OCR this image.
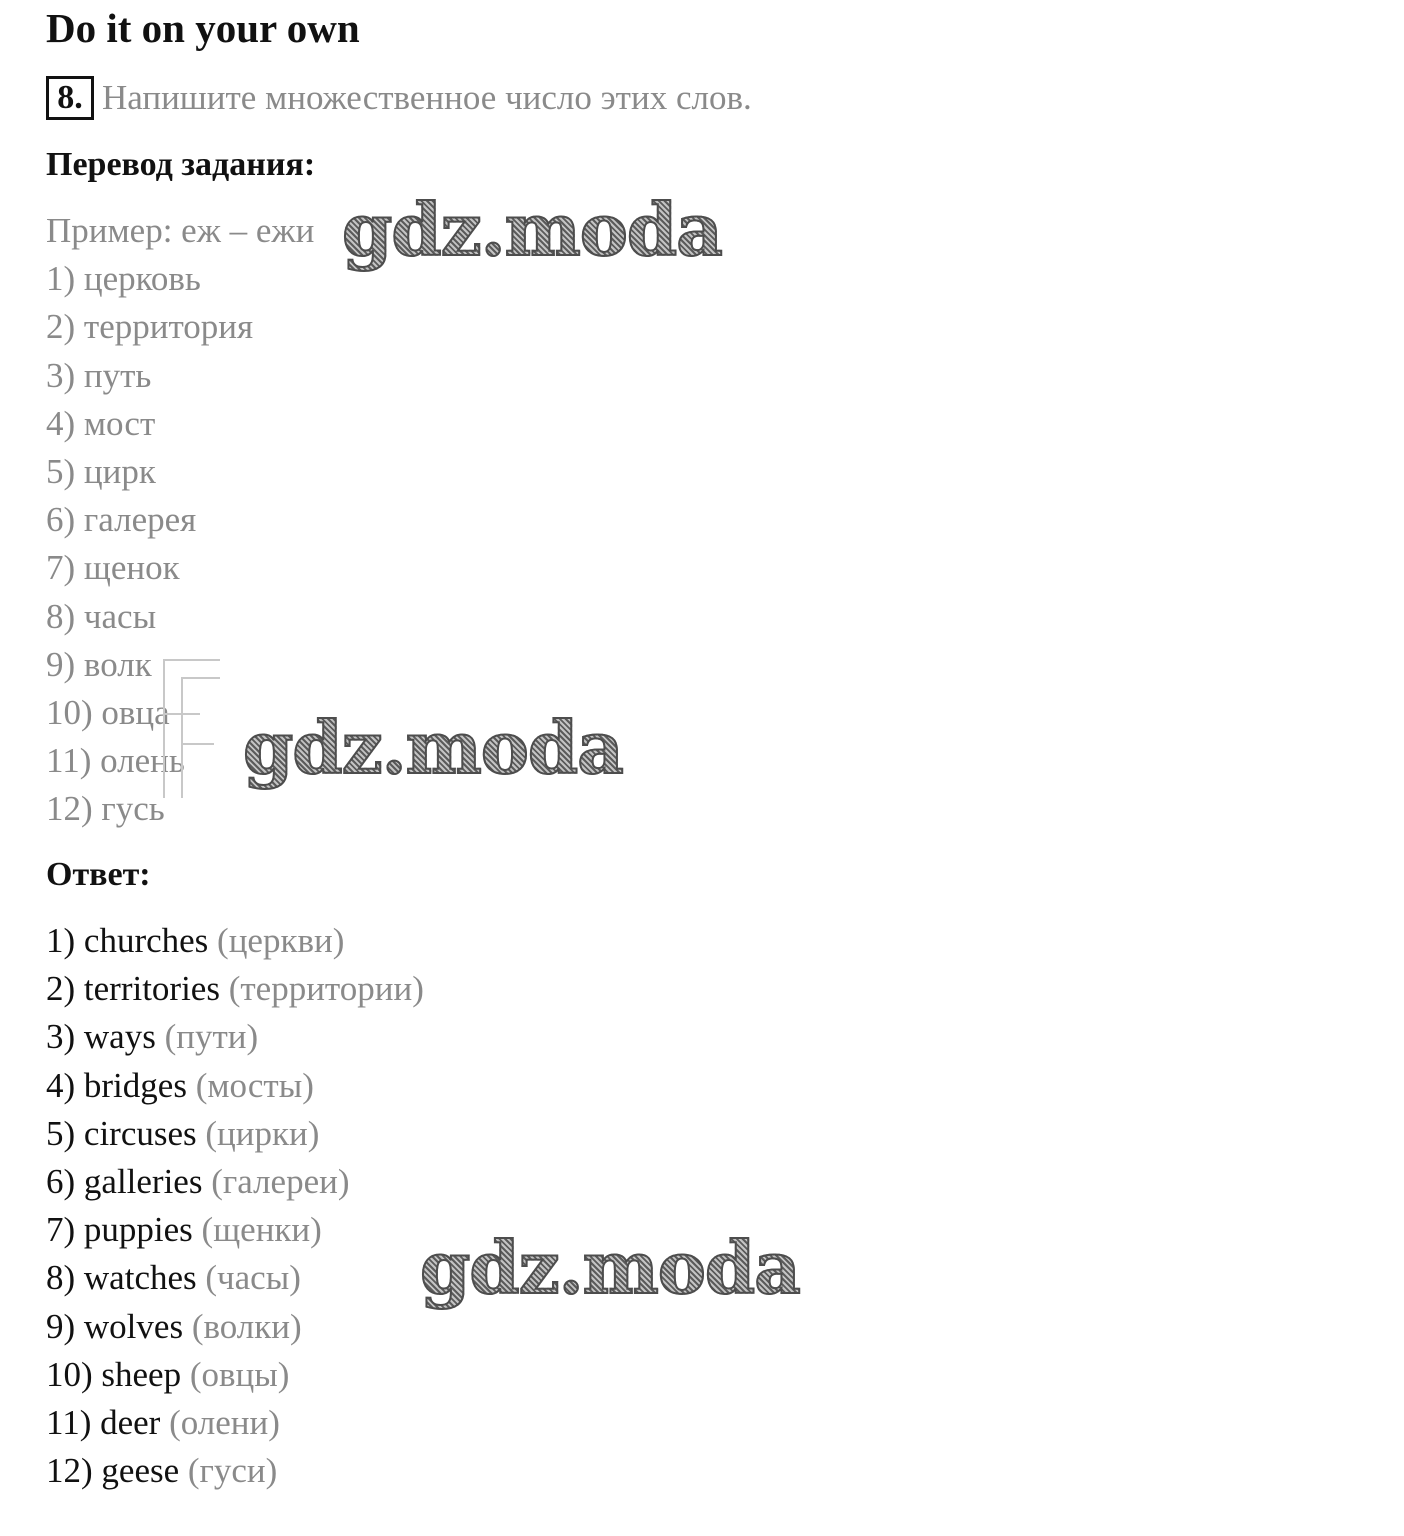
Do it on your own
8. Напишите множественное число этих слов.
Перевод задания:
Пример: еж – ежи
1) церковь
2) территория
3) путь
4) мост
5) цирк
6) галерея
7) щенок
8) часы
9) волк
10) овца
11) олень
12) гусь
Ответ:
1) churches (церкви)
2) territories (территории)
3) ways (пути)
4) bridges (мосты)
5) circuses (цирки)
6) galleries (галереи)
7) puppies (щенки)
8) watches (часы)
9) wolves (волки)
10) sheep (овцы)
11) deer (олени)
12) geese (гуси)
gdz.moda
gdz.moda
gdz.moda
